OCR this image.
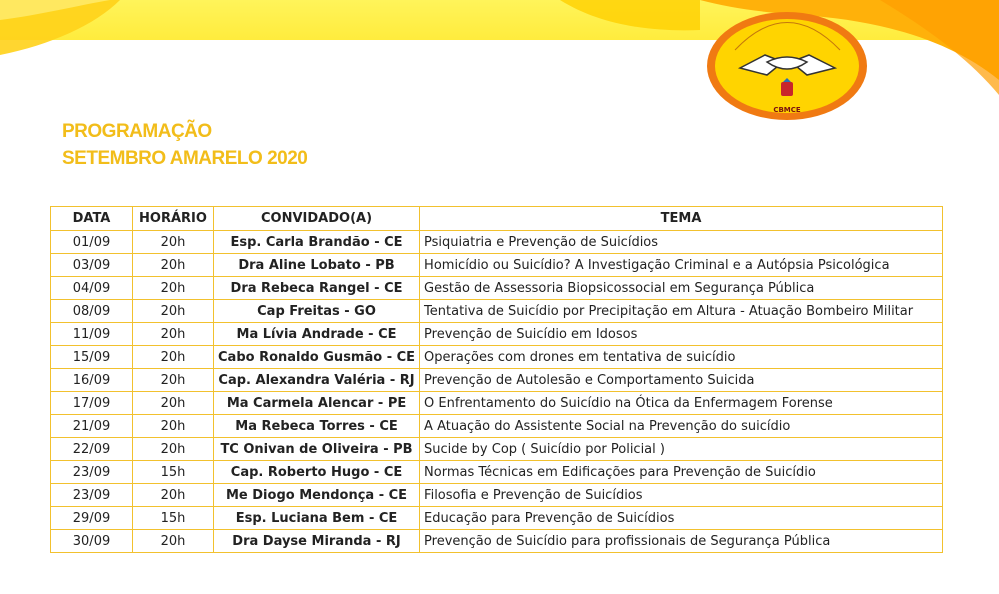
CBMCE
PROGRAMAÇÃO
SETEMBRO AMARELO 2020
DATA	HORÁRIO	CONVIDADO(A)	TEMA
01/09	20h	Esp. Carla Brandão - CE	Psiquiatria e Prevenção de Suicídios
03/09	20h	Dra Aline Lobato - PB	Homicídio ou Suicídio? A Investigação Criminal e a Autópsia Psicológica
04/09	20h	Dra Rebeca Rangel - CE	Gestão de Assessoria Biopsicossocial em Segurança Pública
08/09	20h	Cap Freitas - GO	Tentativa de Suicídio por Precipitação em Altura - Atuação Bombeiro Militar
11/09	20h	Ma Lívia Andrade - CE	Prevenção de Suicídio em Idosos
15/09	20h	Cabo Ronaldo Gusmão - CE	Operações com drones em tentativa de suicídio
16/09	20h	Cap. Alexandra Valéria - RJ	Prevenção de Autolesão e Comportamento Suicida
17/09	20h	Ma Carmela Alencar - PE	O Enfrentamento do Suicídio na Ótica da Enfermagem Forense
21/09	20h	Ma Rebeca Torres - CE	A Atuação do Assistente Social na Prevenção do suicídio
22/09	20h	TC Onivan de Oliveira - PB	Sucide by Cop ( Suicídio por Policial )
23/09	15h	Cap. Roberto Hugo - CE	Normas Técnicas em Edificações para Prevenção de Suicídio
23/09	20h	Me Diogo Mendonça - CE	Filosofia e Prevenção de Suicídios
29/09	15h	Esp. Luciana Bem - CE	Educação para Prevenção de Suicídios
30/09	20h	Dra Dayse Miranda - RJ	Prevenção de Suicídio para profissionais de Segurança Pública
